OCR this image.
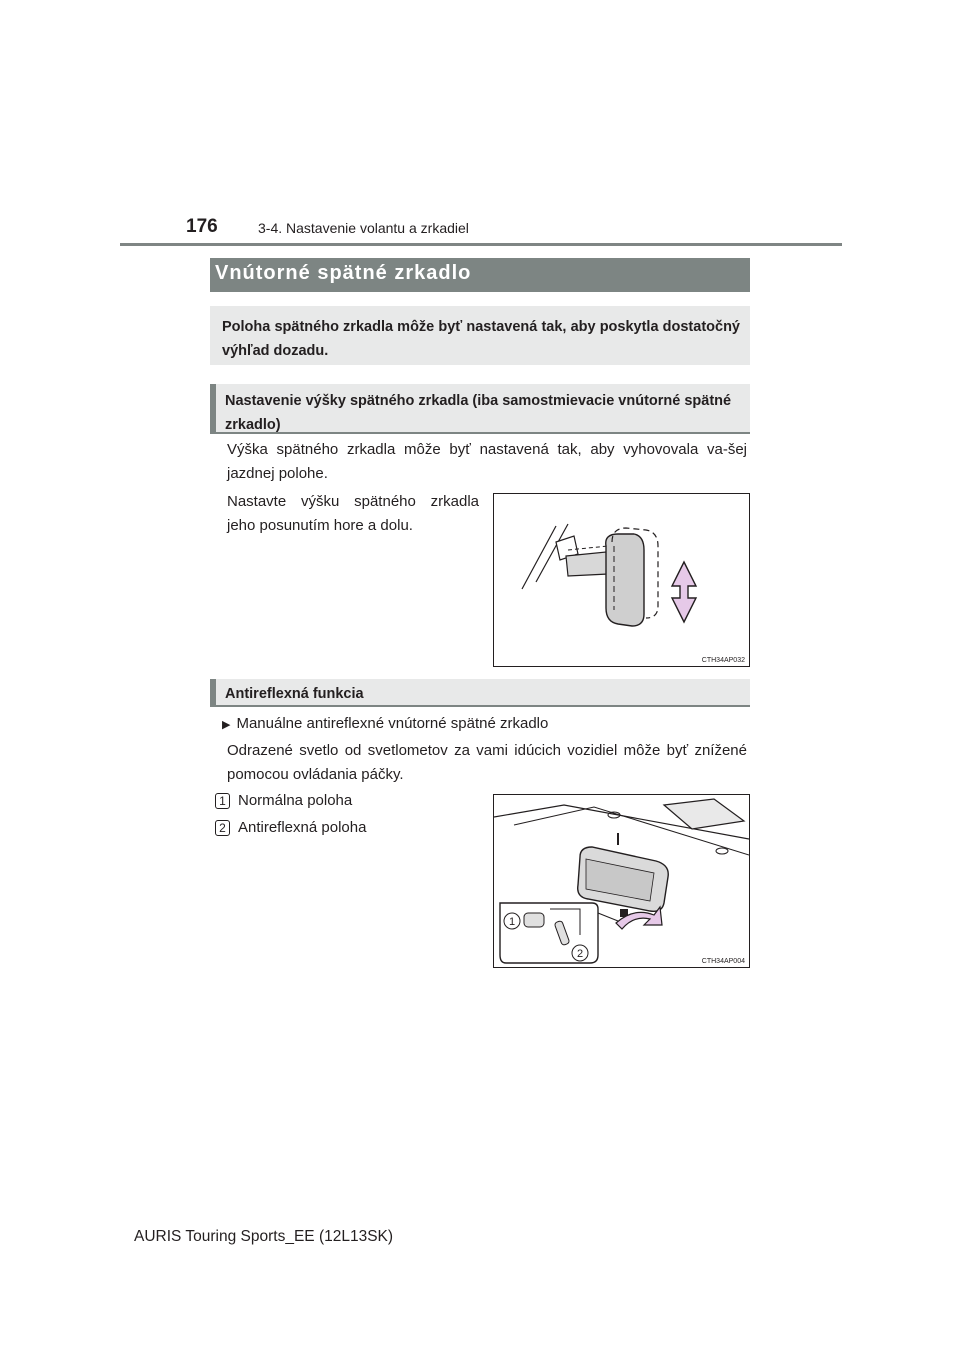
176	3-4. Nastavenie volantu a zrkadiel
Vnútorné spätné zrkadlo
Poloha spätného zrkadla môže byť nastavená tak, aby poskytla dostatočný výhľad dozadu.
Nastavenie výšky spätného zrkadla (iba samostmievacie vnútorné spätné zrkadlo)
Výška spätného zrkadla môže byť nastavená tak, aby vyhovovala va-šej jazdnej polohe.
Nastavte výšku spätného zrkadla jeho posunutím hore a dolu.
CTH34AP032
Antireflexná funkcia
▶ Manuálne antireflexné vnútorné spätné zrkadlo
Odrazené svetlo od svetlometov za vami idúcich vozidiel môže byť znížené pomocou ovládania páčky.
1 Normálna poloha
2 Antireflexná poloha
1
2
CTH34AP004
AURIS Touring Sports_EE (12L13SK)
